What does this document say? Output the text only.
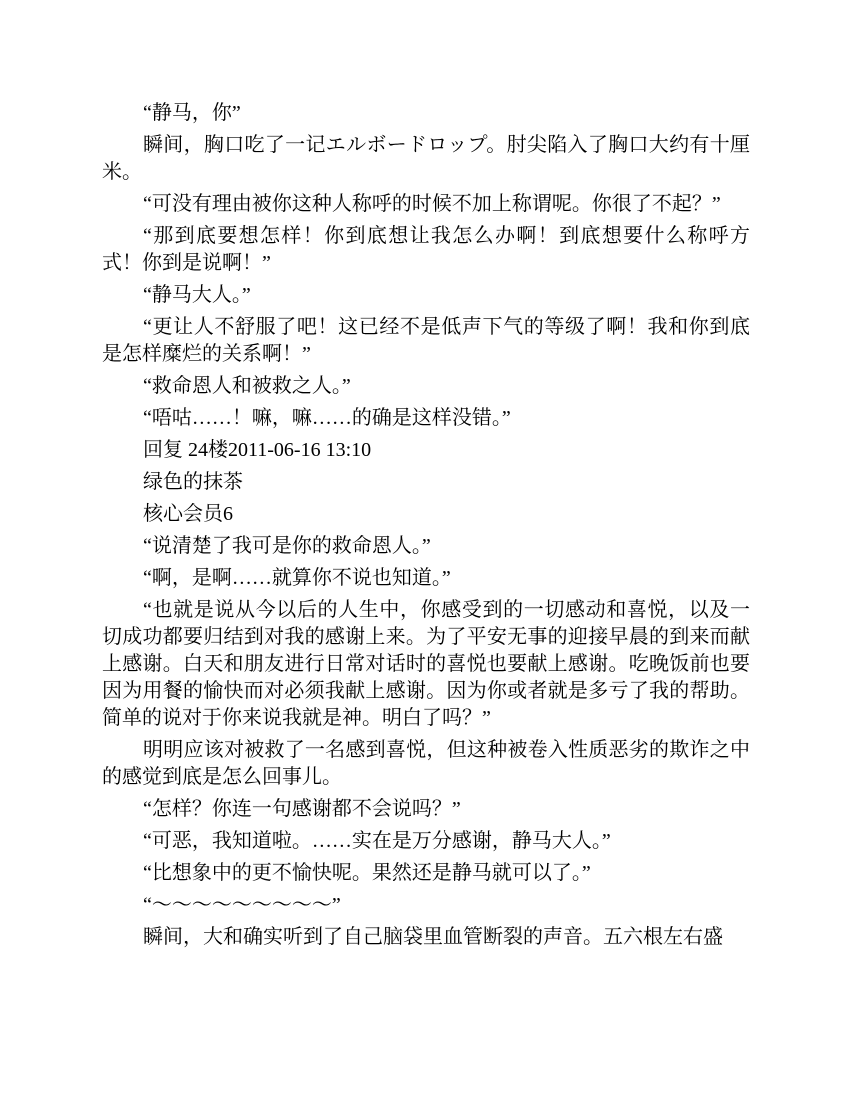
“静马，你”

瞬间，胸口吃了一记エルボードロップ。肘尖陷入了胸口大约有十厘米。

“可没有理由被你这种人称呼的时候不加上称谓呢。你很了不起？”

“那到底要想怎样！你到底想让我怎么办啊！到底想要什么称呼方式！你到是说啊！”

“静马大人。”

“更让人不舒服了吧！这已经不是低声下气的等级了啊！我和你到底是怎样糜烂的关系啊！”

“救命恩人和被救之人。”

“唔咕……！嘛，嘛……的确是这样没错。”

回复 24楼2011-06-16 13:10

绿色的抹茶

核心会员6

“说清楚了我可是你的救命恩人。”

“啊，是啊……就算你不说也知道。”

“也就是说从今以后的人生中，你感受到的一切感动和喜悦，以及一切成功都要归结到对我的感谢上来。为了平安无事的迎接早晨的到来而献上感谢。白天和朋友进行日常对话时的喜悦也要献上感谢。吃晚饭前也要因为用餐的愉快而对必须我献上感谢。因为你或者就是多亏了我的帮助。简单的说对于你来说我就是神。明白了吗？”

明明应该对被救了一名感到喜悦，但这种被卷入性质恶劣的欺诈之中的感觉到底是怎么回事儿。

“怎样？你连一句感谢都不会说吗？”

“可恶，我知道啦。……实在是万分感谢，静马大人。”

“比想象中的更不愉快呢。果然还是静马就可以了。”

“～～～～～～～～～”

瞬间，大和确实听到了自己脑袋里血管断裂的声音。五六根左右盛
